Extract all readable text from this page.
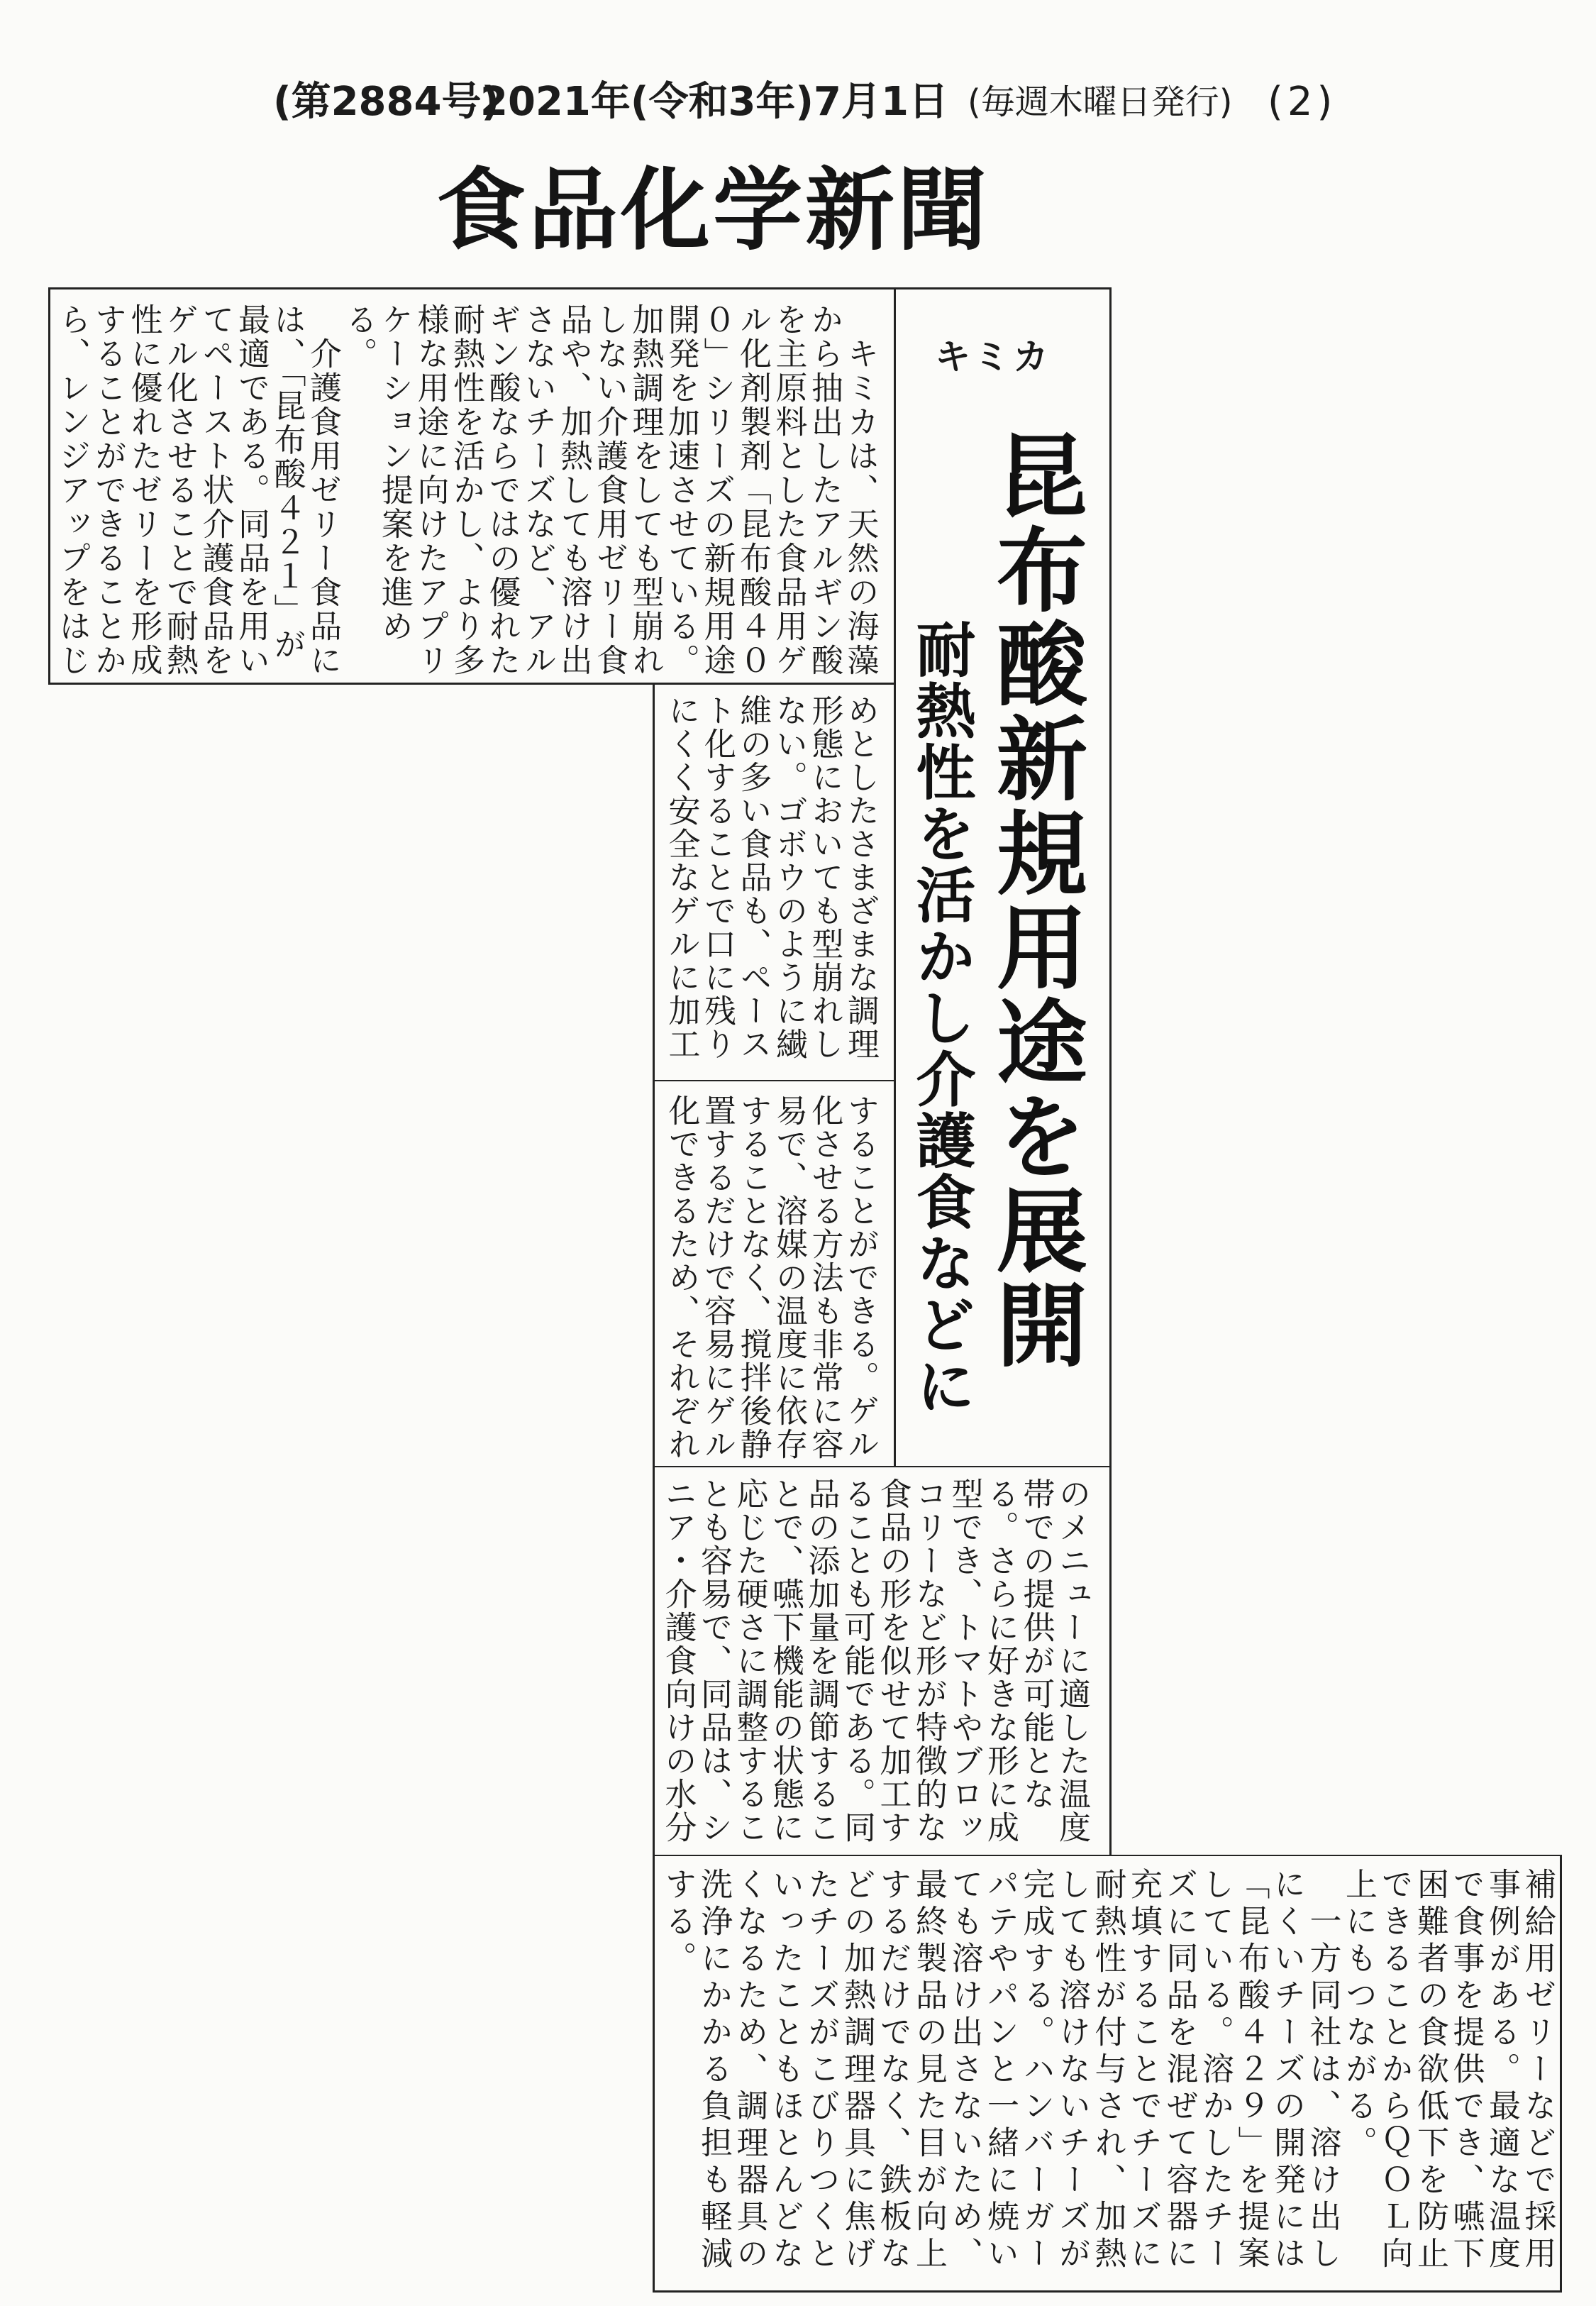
(第2884号)
2021年(令和3年)7月1日 (毎週木曜日発行) (2)
食品化学新聞
キミカ
昆布酸新規用途を展開
耐熱性を活かし介護食などに
　キミカは、天然の海藻
から抽出したアルギン酸
を主原料とした食品用ゲ
ル化剤製剤「昆布酸４０
０」シリーズの新規用途
開発を加速させている。
加熱調理をしても型崩れ
しない介護食用ゼリー食
品や、加熱しても溶け出
さないチーズなど、アル
ギン酸ならではの優れた
耐熱性を活かし、より多
様な用途に向けたアプリ
ケーション提案を進め
る。
　介護食用ゼリー食品に
は、「昆布酸４２１」が
最適である。同品を用い
てペースト状介護食品を
ゲル化させることで耐熱
性に優れたゼリーを形成
することができることか
ら、レンジアップをはじ
めとしたさまざまな調理
形態においても型崩れし
ない。ゴボウのように繊
維の多い食品も、ペース
ト化することで口に残り
にくく安全なゲルに加工
することができる。ゲル
化させる方法も非常に容
易で、溶媒の温度に依存
することなく、撹拌後静
置するだけで容易にゲル
化できるため、それぞれ
のメニューに適した温度
帯での提供が可能とな
る。さらに好きな形に成
型でき、トマトやブロッ
コリーなど形が特徴的な
食品の形を似せて加工す
ることも可能である。同
品の添加量を調節するこ
とで、嚥下機能の状態に
応じた硬さに調整するこ
とも容易で、同品は、シ
ニア・介護食向けの水分
補給用ゼリーなどで採用
事例がある。最適な温度
で食事を提供でき、嚥下
困難者の食欲低下を防止
できることからＱＯＬ向
上にもつながる。
　一方同社は、溶け出し
にくいチーズの開発には
「昆布酸４２９」を提案
している。溶かしたチー
ズに同品を混ぜて容器に
充填することでチーズに
耐熱性が付与され、加熱
しても溶けないチーズが
完成する。ハンバーガー
パテやパンと一緒に焼い
ても溶け出さないため、
最終製品の見た目が向上
するだけでなく、鉄板な
どの加熱調理器具に焦げ
たチーズがこびりつくと
いったこともほとんどな
くなるため、調理器具の
洗浄にかかる負担も軽減
する。
